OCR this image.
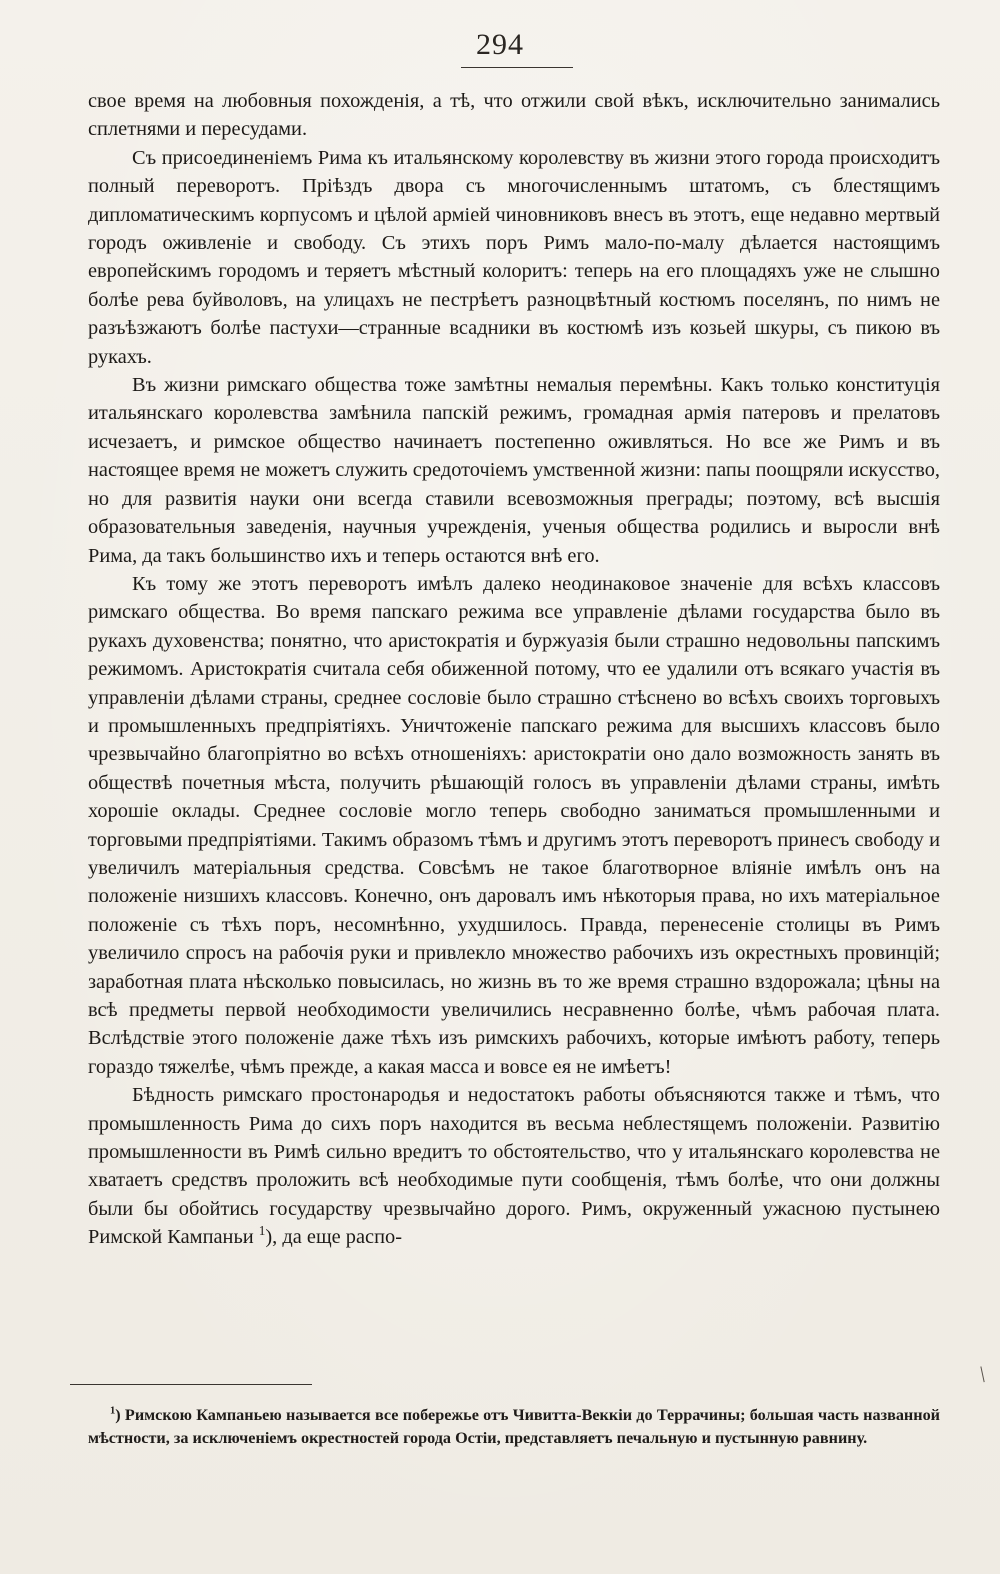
294

свое время на любовныя похожденія, а тѣ, что отжили свой вѣкъ, исключительно занимались сплетнями и пересудами.

Съ присоединеніемъ Рима къ итальянскому королевству въ жизни этого города происходитъ полный переворотъ. Пріѣздъ двора съ многочисленнымъ штатомъ, съ блестящимъ дипломатическимъ корпусомъ и цѣлой арміей чиновниковъ внесъ въ этотъ, еще недавно мертвый городъ оживленіе и свободу. Съ этихъ поръ Римъ мало-по-малу дѣлается настоящимъ европейскимъ городомъ и теряетъ мѣстный колоритъ: теперь на его площадяхъ уже не слышно болѣе рева буйволовъ, на улицахъ не пестрѣетъ разноцвѣтный костюмъ поселянъ, по нимъ не разъѣзжаютъ болѣе пастухи—странные всадники въ костюмѣ изъ козьей шкуры, съ пикою въ рукахъ.

Въ жизни римскаго общества тоже замѣтны немалыя перемѣны. Какъ только конституція итальянскаго королевства замѣнила папскій режимъ, громадная армія патеровъ и прелатовъ исчезаетъ, и римское общество начинаетъ постепенно оживляться. Но все же Римъ и въ настоящее время не можетъ служить средоточіемъ умственной жизни: папы поощряли искусство, но для развитія науки они всегда ставили всевозможныя преграды; поэтому, всѣ высшія образовательныя заведенія, научныя учрежденія, ученыя общества родились и выросли внѣ Рима, да такъ большинство ихъ и теперь остаются внѣ его.

Къ тому же этотъ переворотъ имѣлъ далеко неодинаковое значеніе для всѣхъ классовъ римскаго общества. Во время папскаго режима все управленіе дѣлами государства было въ рукахъ духовенства; понятно, что аристократія и буржуазія были страшно недовольны папскимъ режимомъ. Аристократія считала себя обиженной потому, что ее удалили отъ всякаго участія въ управленіи дѣлами страны, среднее сословіе было страшно стѣснено во всѣхъ своихъ торговыхъ и промышленныхъ предпріятіяхъ. Уничтоженіе папскаго режима для высшихъ классовъ было чрезвычайно благопріятно во всѣхъ отношеніяхъ: аристократіи оно дало возможность занять въ обществѣ почетныя мѣста, получить рѣшающій голосъ въ управленіи дѣлами страны, имѣть хорошіе оклады. Среднее сословіе могло теперь свободно заниматься промышленными и торговыми предпріятіями. Такимъ образомъ тѣмъ и другимъ этотъ переворотъ принесъ свободу и увеличилъ матеріальныя средства. Совсѣмъ не такое благотворное вліяніе имѣлъ онъ на положеніе низшихъ классовъ. Конечно, онъ даровалъ имъ нѣкоторыя права, но ихъ матеріальное положеніе съ тѣхъ поръ, несомнѣнно, ухудшилось. Правда, перенесеніе столицы въ Римъ увеличило спросъ на рабочія руки и привлекло множество рабочихъ изъ окрестныхъ провинцій; заработная плата нѣсколько повысилась, но жизнь въ то же время страшно вздорожала; цѣны на всѣ предметы первой необходимости увеличились несравненно болѣе, чѣмъ рабочая плата. Вслѣдствіе этого положеніе даже тѣхъ изъ римскихъ рабочихъ, которые имѣютъ работу, теперь гораздо тяжелѣе, чѣмъ прежде, а какая масса и вовсе ея не имѣетъ!

Бѣдность римскаго простонародья и недостатокъ работы объясняются также и тѣмъ, что промышленность Рима до сихъ поръ находится въ весьма неблестящемъ положеніи. Развитію промышленности въ Римѣ сильно вредитъ то обстоятельство, что у итальянскаго королевства не хватаетъ средствъ проложить всѣ необходимые пути сообщенія, тѣмъ болѣе, что они должны были бы обойтись государству чрезвычайно дорого. Римъ, окруженный ужасною пустынею Римской Кампаньи $^1$), да еще распо-

$^1$) Римскою Кампаньею называется все побережье отъ Чивитта-Веккіи до Террачины; большая часть названной мѣстности, за исключеніемъ окрестностей города Остіи, представляетъ печальную и пустынную равнину.
